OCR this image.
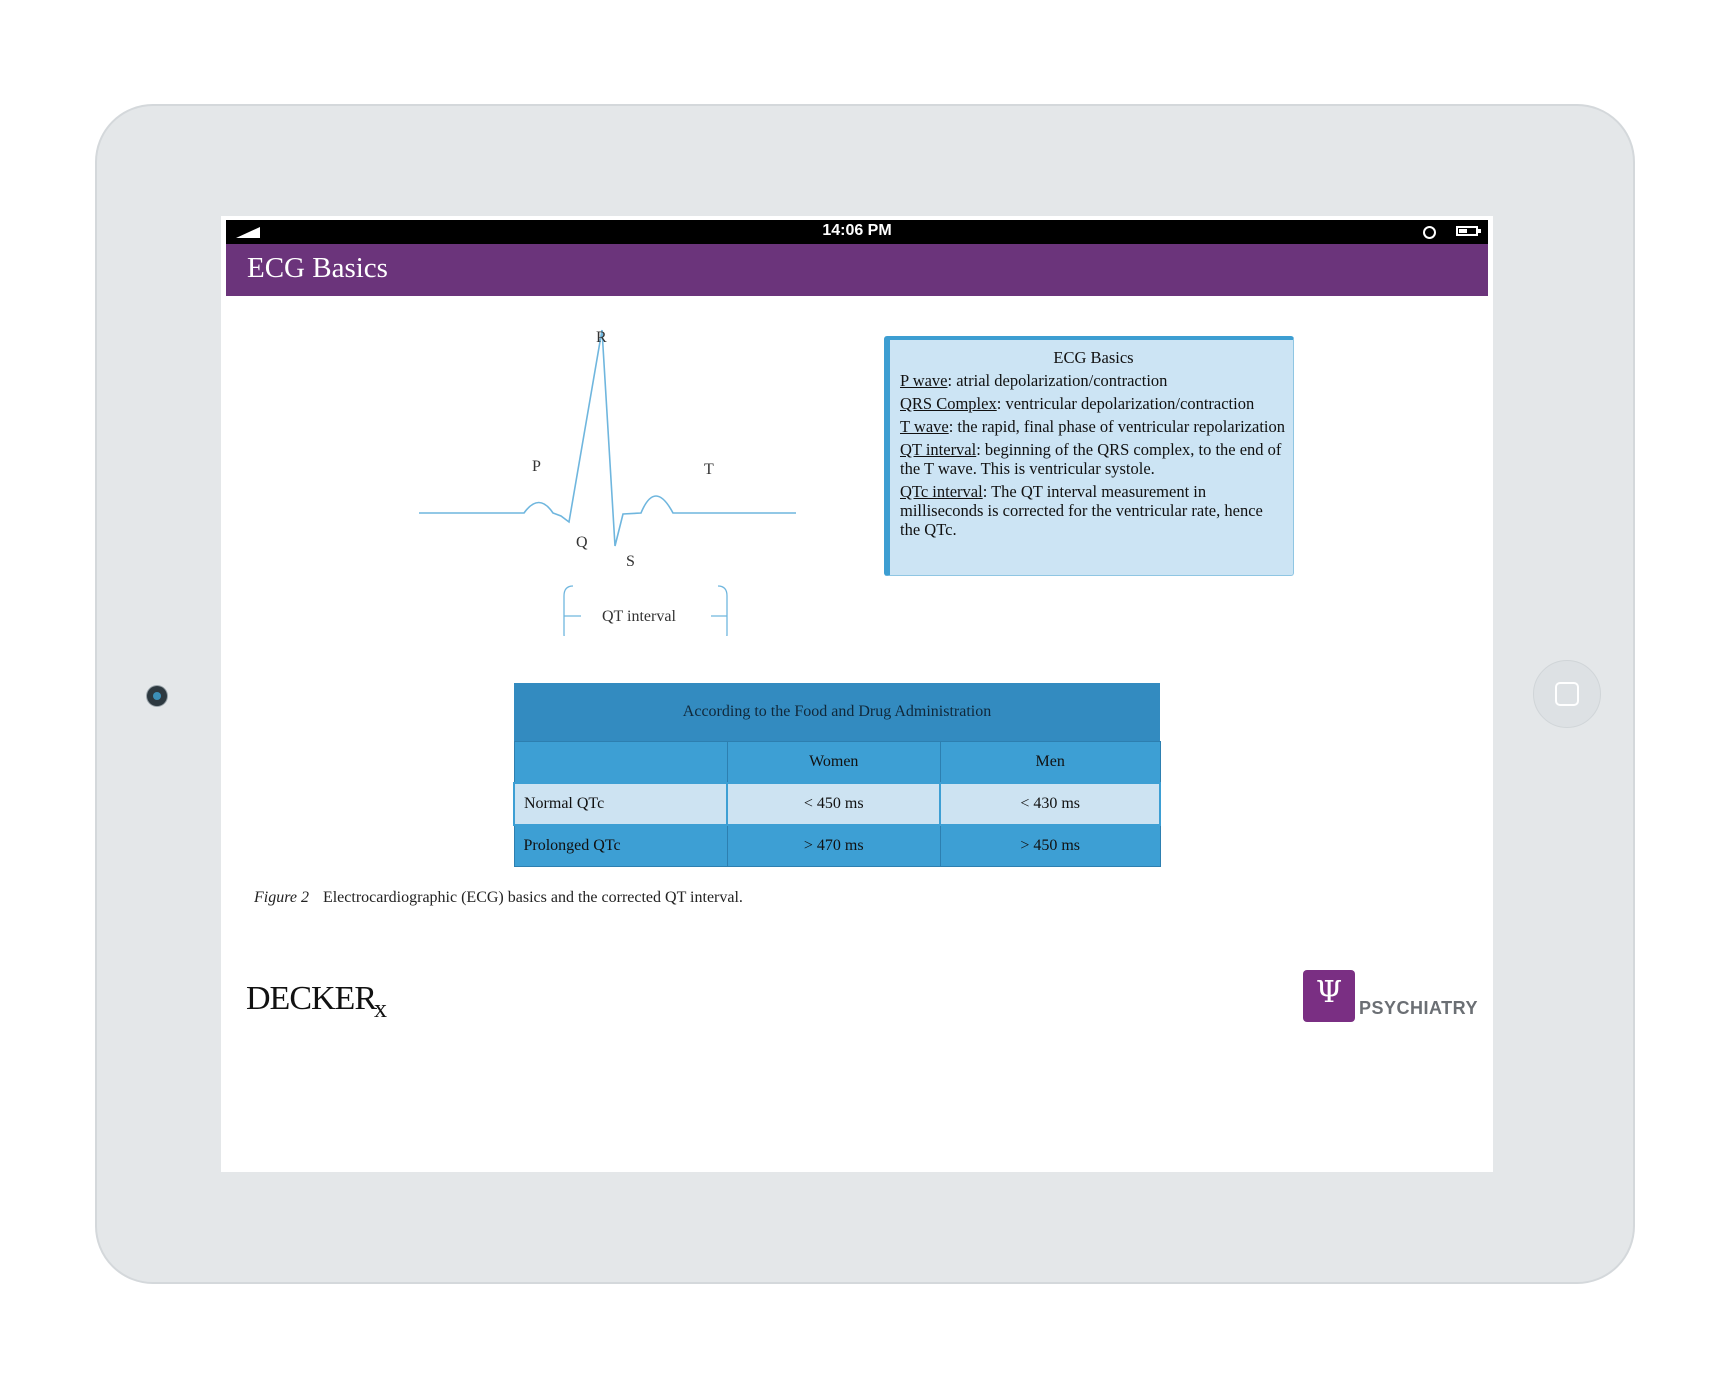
14:06 PM
ECG Basics
R
P	T
Q
S
QT interval
ECG Basics
P wave: atrial depolarization/contraction
QRS Complex: ventricular depolarization/contraction
T wave: the rapid, final phase of ventricular repolarization
QT interval: beginning of the QRS complex, to the end of the T wave. This is ventricular systole.
QTc interval: The QT interval measurement in milliseconds is corrected for the ventricular rate, hence the QTc.
According to the Food and Drug Administration		
	Women	Men
Normal QTc	< 450 ms	< 430 ms
Prolonged QTc	> 470 ms	> 450 ms
Figure 2 Electrocardiographic (ECG) basics and the corrected QT interval.
$DECKER_x$	Ψ PSYCHIATRY
